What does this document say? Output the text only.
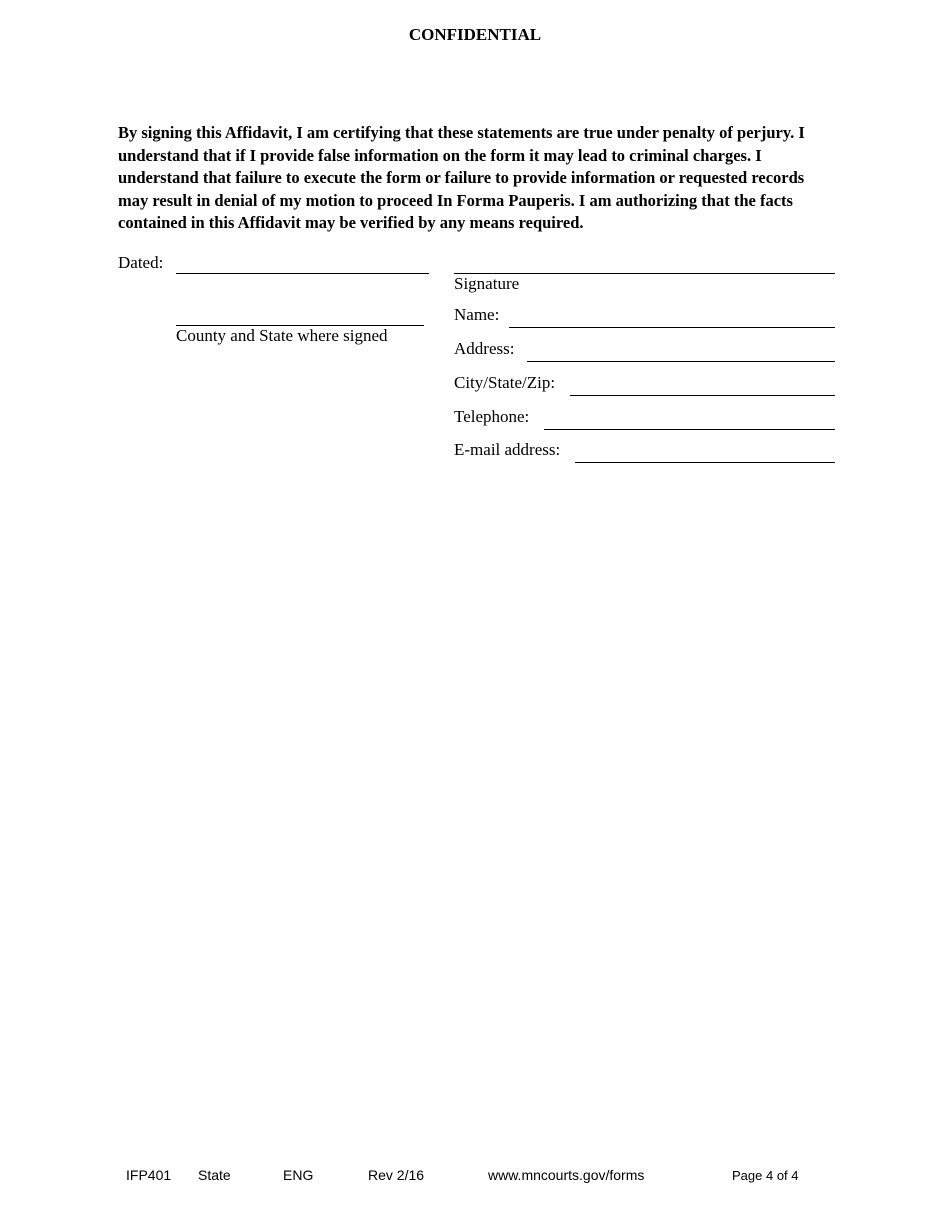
CONFIDENTIAL
By signing this Affidavit, I am certifying that these statements are true under penalty of perjury. I understand that if I provide false information on the form it may lead to criminal charges. I understand that failure to execute the form or failure to provide information or requested records may result in denial of my motion to proceed In Forma Pauperis. I am authorizing that the facts contained in this Affidavit may be verified by any means required.
Dated:
County and State where signed
Signature
Name:
Address:
City/State/Zip:
Telephone:
E-mail address:
IFP401 State	ENG	Rev 2/16	www.mncourts.gov/forms	Page 4 of 4
